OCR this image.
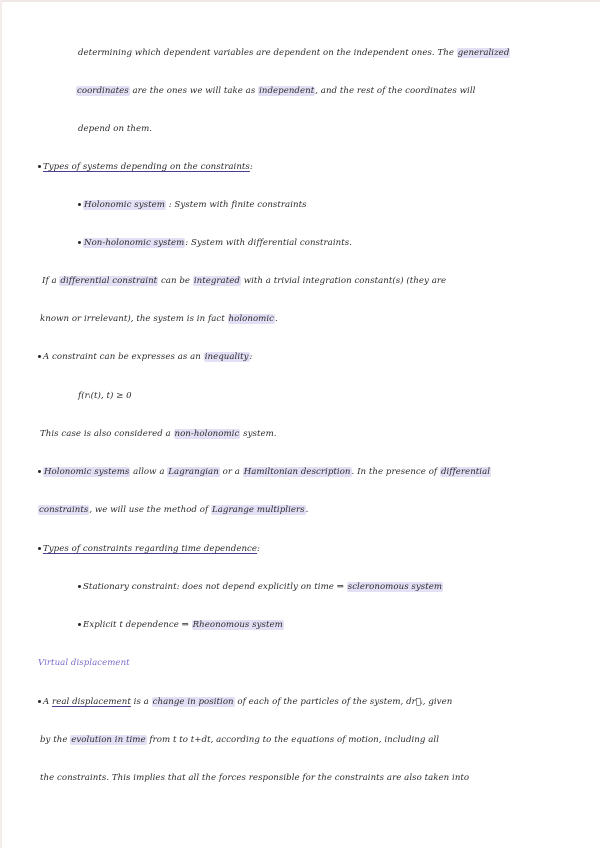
determining which dependent variables are dependent on the independent ones. The generalized
coordinates are the ones we will take as independent, and the rest of the coordinates will
depend on them.
Types of systems depending on the constraints:
Holonomic system : System with finite constraints
Non-holonomic system: System with differential constraints.
If a differential constraint can be integrated with a trivial integration constant(s) (they are
known or irrelevant), the system is in fact holonomic.
A constraint can be expresses as an inequality:
f(rᵢ(t), t) ≥ 0
This case is also considered a non-holonomic system.
Holonomic systems allow a Lagrangian or a Hamiltonian description. In the presence of differential
constraints, we will use the method of Lagrange multipliers.
Types of constraints regarding time dependence:
Stationary constraint: does not depend explicitly on time ⇒ scleronomous system
Explicit t dependence ⇒ Rheonomous system
Virtual displacement
A real displacement is a change in position of each of the particles of the system, dr⃗ᵢ, given
by the evolution in time from t to t+dt, according to the equations of motion, including all
the constraints. This implies that all the forces responsible for the constraints are also taken into
